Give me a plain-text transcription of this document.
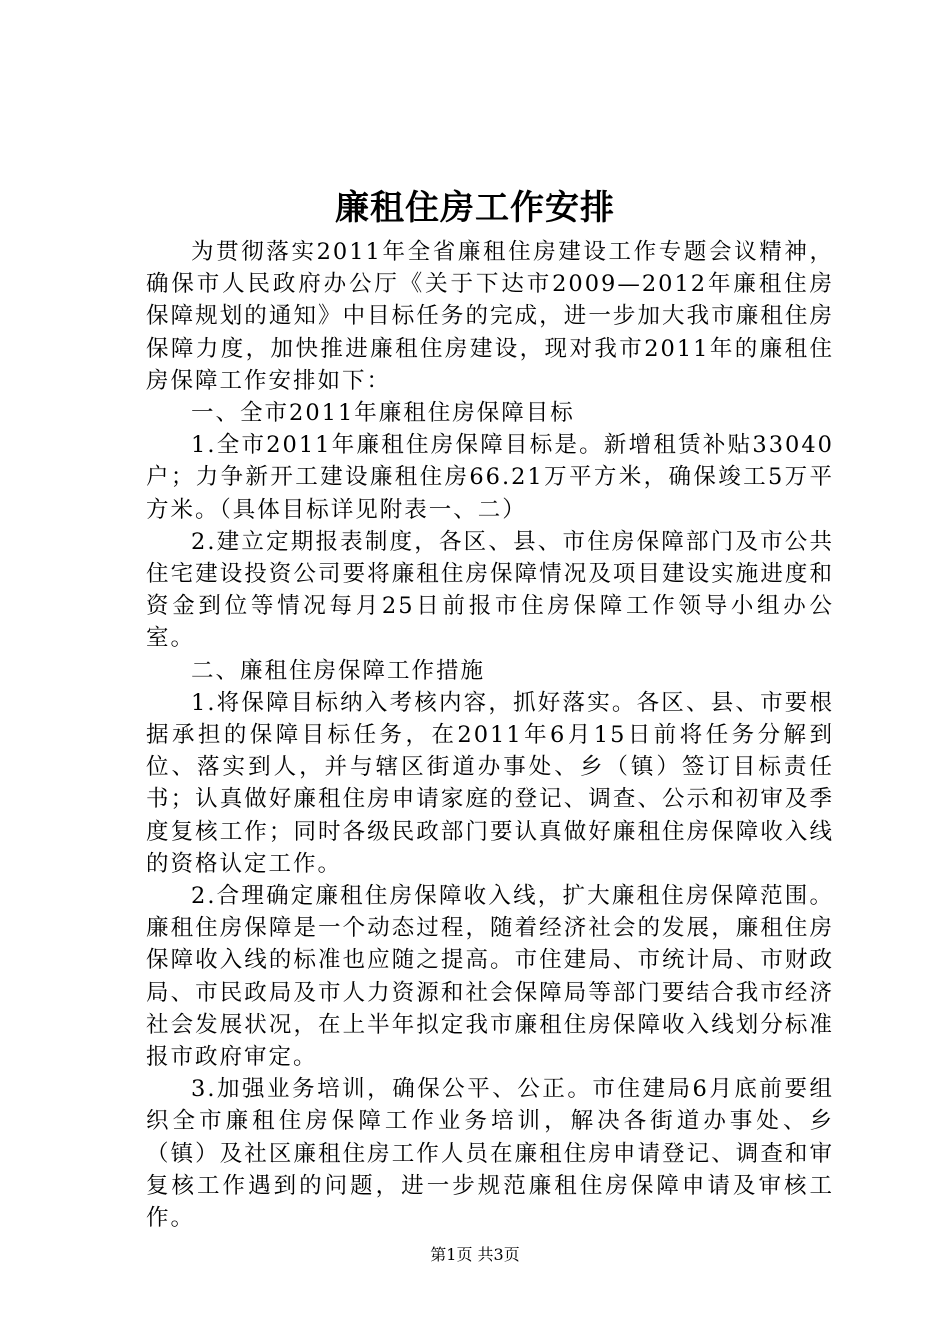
廉租住房工作安排

为贯彻落实2011年全省廉租住房建设工作专题会议精神，确保市人民政府办公厅《关于下达市2009—2012年廉租住房保障规划的通知》中目标任务的完成，进一步加大我市廉租住房保障力度，加快推进廉租住房建设，现对我市2011年的廉租住房保障工作安排如下：

一、全市2011年廉租住房保障目标

1.全市2011年廉租住房保障目标是。新增租赁补贴33040户；力争新开工建设廉租住房66.21万平方米，确保竣工5万平方米。（具体目标详见附表一、二）

2.建立定期报表制度，各区、县、市住房保障部门及市公共住宅建设投资公司要将廉租住房保障情况及项目建设实施进度和资金到位等情况每月25日前报市住房保障工作领导小组办公室。

二、廉租住房保障工作措施

1.将保障目标纳入考核内容，抓好落实。各区、县、市要根据承担的保障目标任务，在2011年6月15日前将任务分解到位、落实到人，并与辖区街道办事处、乡（镇）签订目标责任书；认真做好廉租住房申请家庭的登记、调查、公示和初审及季度复核工作；同时各级民政部门要认真做好廉租住房保障收入线的资格认定工作。

2.合理确定廉租住房保障收入线，扩大廉租住房保障范围。廉租住房保障是一个动态过程，随着经济社会的发展，廉租住房保障收入线的标准也应随之提高。市住建局、市统计局、市财政局、市民政局及市人力资源和社会保障局等部门要结合我市经济社会发展状况，在上半年拟定我市廉租住房保障收入线划分标准报市政府审定。

3.加强业务培训，确保公平、公正。市住建局6月底前要组织全市廉租住房保障工作业务培训，解决各街道办事处、乡（镇）及社区廉租住房工作人员在廉租住房申请登记、调查和审复核工作遇到的问题，进一步规范廉租住房保障申请及审核工作。

第1页 共3页
